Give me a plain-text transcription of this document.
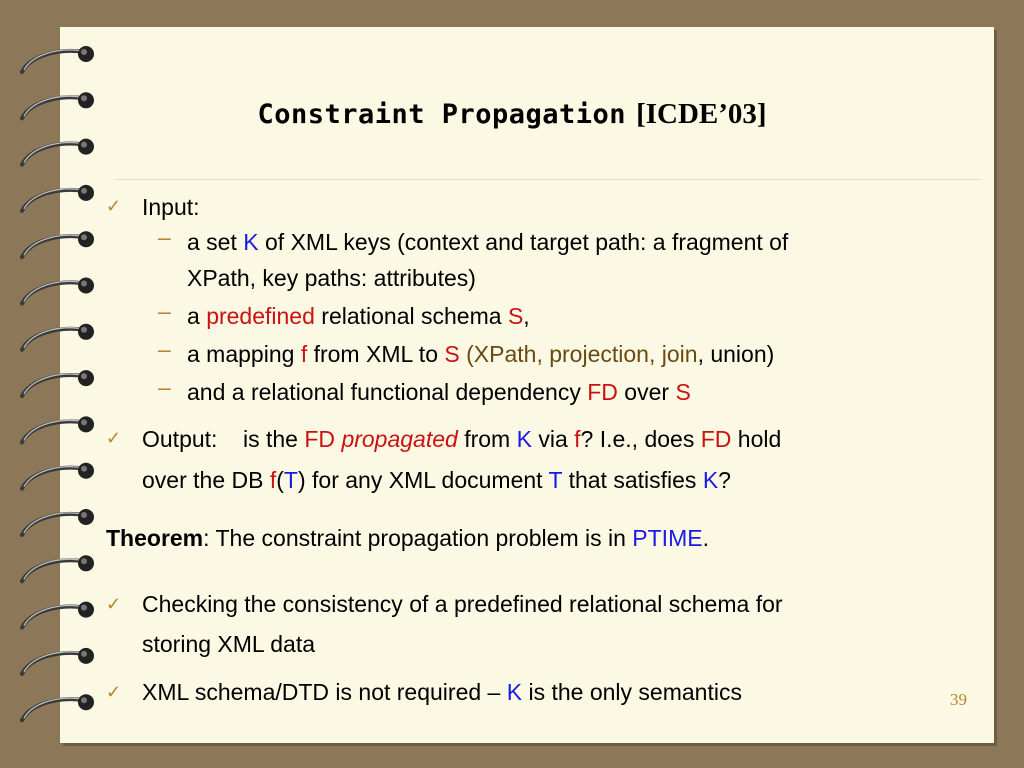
Constraint Propagation [ICDE’03]
✓ Input:
– a set K of XML keys (context and target path: a fragment of
XPath, key paths: attributes)
– a predefined relational schema S,
– a mapping f from XML to S (XPath, projection, join, union)
– and a relational functional dependency FD over S
✓ Output: is the FD propagated from K via f? I.e., does FD hold
over the DB f(T) for any XML document T that satisfies K?
Theorem: The constraint propagation problem is in PTIME.
✓ Checking the consistency of a predefined relational schema for
storing XML data
✓ XML schema/DTD is not required – K is the only semantics	39
